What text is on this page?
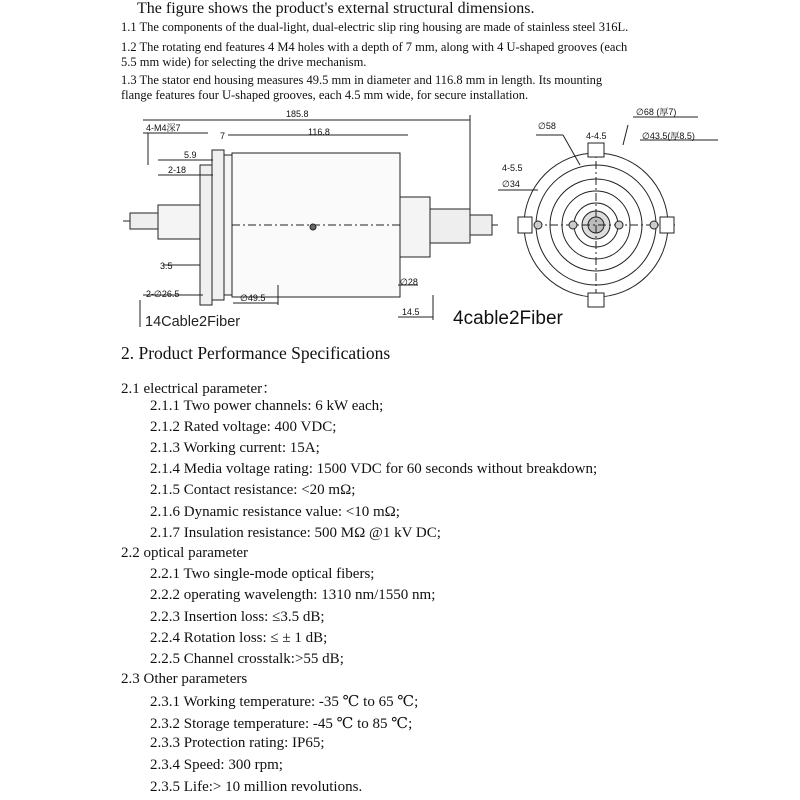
The figure shows the product's external structural dimensions.
1.1 The components of the dual-light, dual-electric slip ring housing are made of stainless steel 316L.
1.2 The rotating end features 4 M4 holes with a depth of 7 mm, along with 4 U-shaped grooves (each
5.5 mm wide) for selecting the drive mechanism.
1.3 The stator end housing measures 49.5 mm in diameter and 116.8 mm in length. Its mounting
flange features four U-shaped grooves, each 4.5 mm wide, for secure installation.
185.8
116.8
4-M4深7
7
5.9
2-18
3.5
2-∅26.5	∅49.5
∅28
14.5
∅58
∅68 (厚7)
∅43.5(厚8.5)
4-4.5
4-5.5
∅34
14Cable2Fiber	4cable2Fiber
2. Product Performance Specifications
2.1 electrical parameter：
2.1.1 Two power channels: 6 kW each;
2.1.2 Rated voltage: 400 VDC;
2.1.3 Working current: 15A;
2.1.4 Media voltage rating: 1500 VDC for 60 seconds without breakdown;
2.1.5 Contact resistance: <20 mΩ;
2.1.6 Dynamic resistance value: <10 mΩ;
2.1.7 Insulation resistance: 500 MΩ @1 kV DC;
2.2 optical parameter
2.2.1 Two single-mode optical fibers;
2.2.2 operating wavelength: 1310 nm/1550 nm;
2.2.3 Insertion loss: ≤3.5 dB;
2.2.4 Rotation loss: ≤ ± 1 dB;
2.2.5 Channel crosstalk:>55 dB;
2.3 Other parameters
2.3.1 Working temperature: -35 ℃ to 65 ℃;
2.3.2 Storage temperature: -45 ℃ to 85 ℃;
2.3.3 Protection rating: IP65;
2.3.4 Speed: 300 rpm;
2.3.5 Life:> 10 million revolutions.
